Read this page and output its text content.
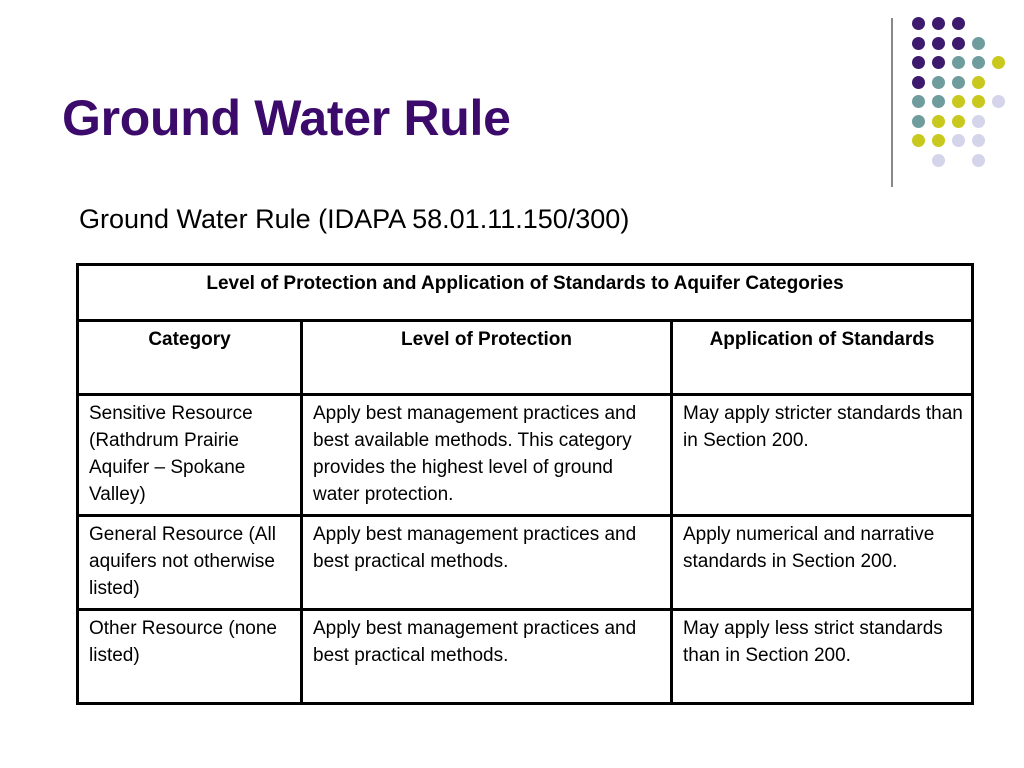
Ground Water Rule

Ground Water Rule (IDAPA 58.01.11.150/300)

Level of Protection and Application of Standards to Aquifer Categories		
Category	Level of Protection	Application of Standards
Sensitive Resource (Rathdrum Prairie Aquifer – Spokane Valley)	Apply best management practices and best available methods. This category provides the highest level of ground water protection.	May apply stricter standards than in Section 200.
General Resource (All aquifers not otherwise listed)	Apply best management practices and best practical methods.	Apply numerical and narrative standards in Section 200.
Other Resource (none listed)	Apply best management practices and best practical methods.	May apply less strict standards than in Section 200.
